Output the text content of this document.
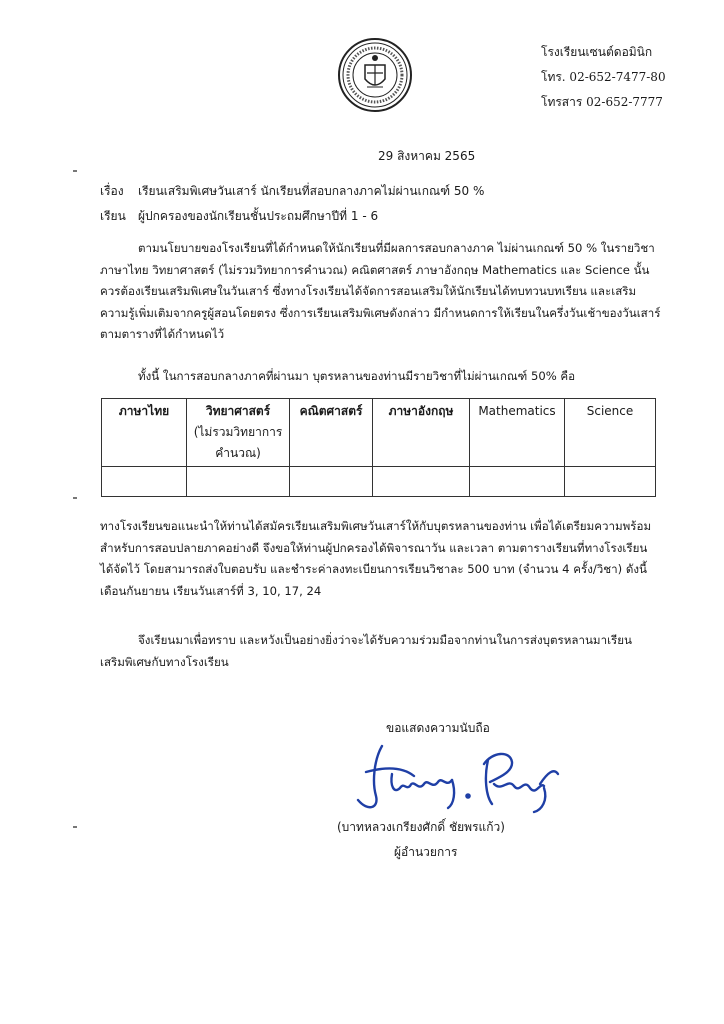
โรงเรียนเซนต์ดอมินิก
โทร. 02-652-7477-80
โทรสาร 02-652-7777
29 สิงหาคม 2565
เรื่อง เรียนเสริมพิเศษวันเสาร์ นักเรียนที่สอบกลางภาคไม่ผ่านเกณฑ์ 50 %
เรียน ผู้ปกครองของนักเรียนชั้นประถมศึกษาปีที่ 1 - 6
ตามนโยบายของโรงเรียนที่ได้กำหนดให้นักเรียนที่มีผลการสอบกลางภาค ไม่ผ่านเกณฑ์ 50 % ในรายวิชา
ภาษาไทย วิทยาศาสตร์ (ไม่รวมวิทยาการคำนวณ) คณิตศาสตร์ ภาษาอังกฤษ Mathematics และ Science นั้น
ควรต้องเรียนเสริมพิเศษในวันเสาร์ ซึ่งทางโรงเรียนได้จัดการสอนเสริมให้นักเรียนได้ทบทวนบทเรียน และเสริม
ความรู้เพิ่มเติมจากครูผู้สอนโดยตรง ซึ่งการเรียนเสริมพิเศษดังกล่าว มีกำหนดการให้เรียนในครึ่งวันเช้าของวันเสาร์
ตามตารางที่ได้กำหนดไว้
ทั้งนี้ ในการสอบกลางภาคที่ผ่านมา บุตรหลานของท่านมีรายวิชาที่ไม่ผ่านเกณฑ์ 50% คือ
ภาษาไทย	วิทยาศาสตร์
(ไม่รวมวิทยาการ
คำนวณ)	คณิตศาสตร์	ภาษาอังกฤษ	Mathematics	Science

ทางโรงเรียนขอแนะนำให้ท่านได้สมัครเรียนเสริมพิเศษวันเสาร์ให้กับบุตรหลานของท่าน เพื่อได้เตรียมความพร้อม
สำหรับการสอบปลายภาคอย่างดี จึงขอให้ท่านผู้ปกครองได้พิจารณาวัน และเวลา ตามตารางเรียนที่ทางโรงเรียน
ได้จัดไว้ โดยสามารถส่งใบตอบรับ และชำระค่าลงทะเบียนการเรียนวิชาละ 500 บาท (จำนวน 4 ครั้ง/วิชา) ดังนี้
เดือนกันยายน เรียนวันเสาร์ที่ 3, 10, 17, 24
จึงเรียนมาเพื่อทราบ และหวังเป็นอย่างยิ่งว่าจะได้รับความร่วมมือจากท่านในการส่งบุตรหลานมาเรียน
เสริมพิเศษกับทางโรงเรียน
ขอแสดงความนับถือ
(บาทหลวงเกรียงศักดิ์ ชัยพรแก้ว)
ผู้อำนวยการ
